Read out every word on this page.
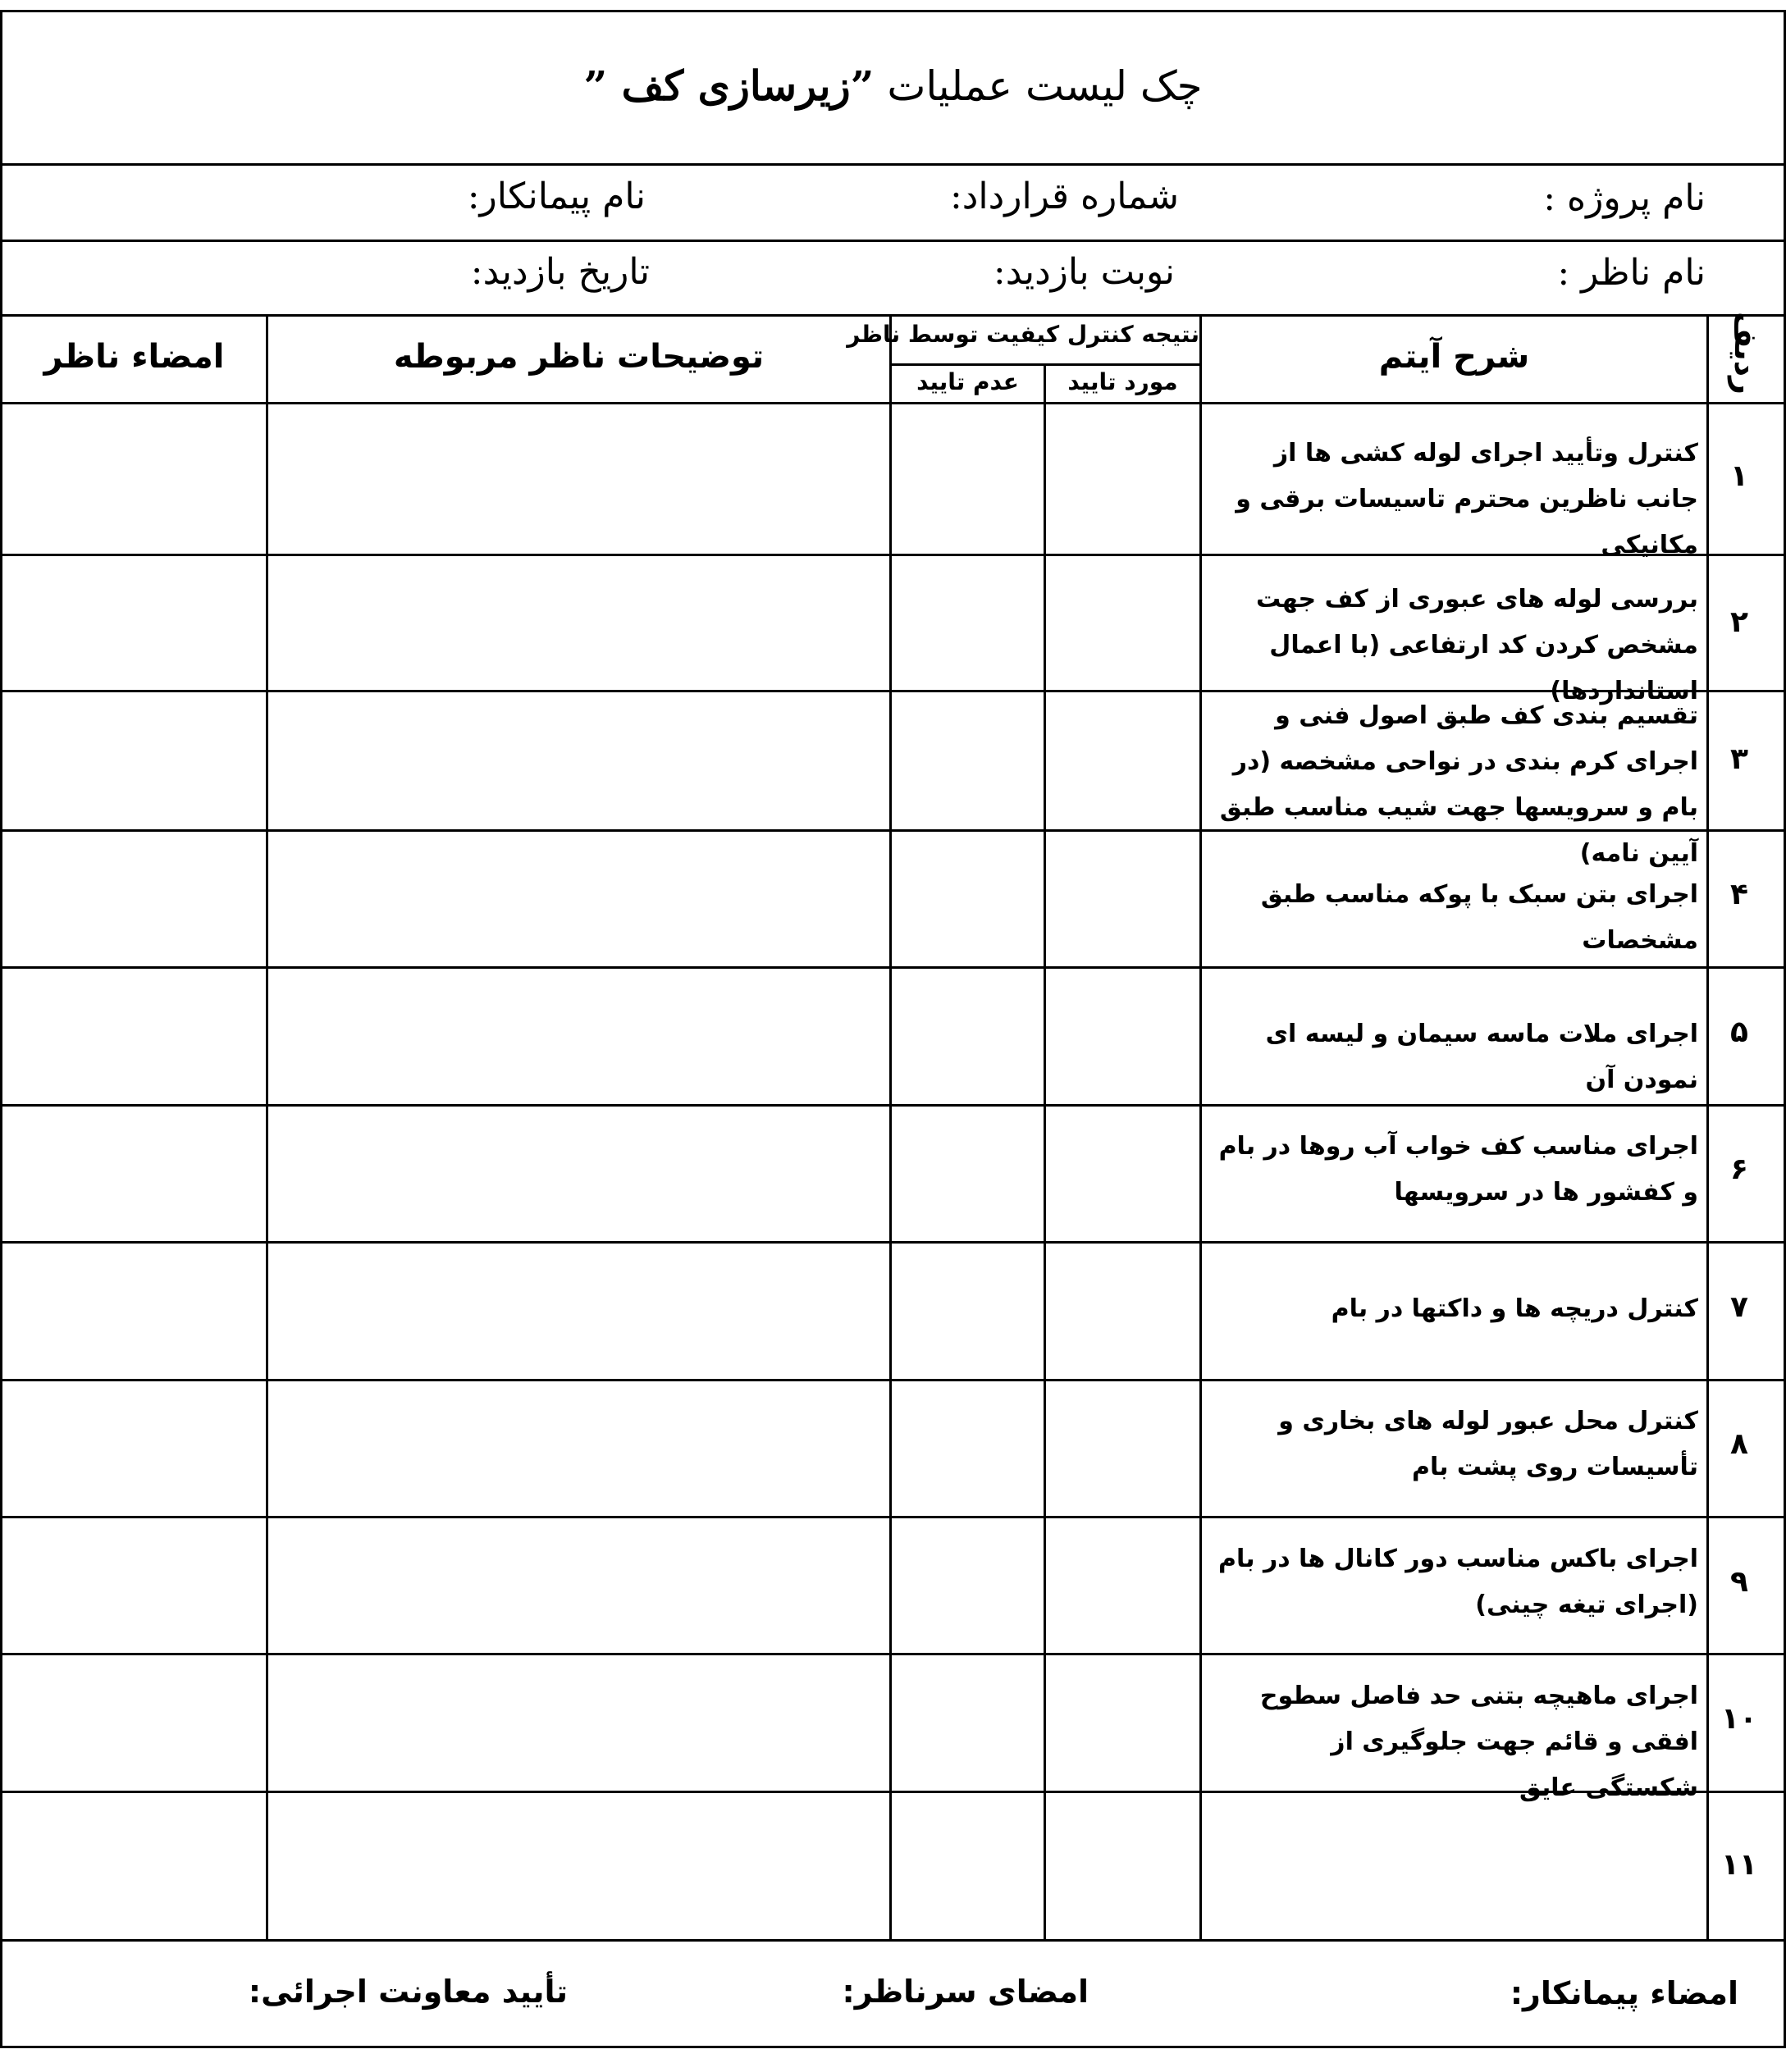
چک لیست عملیات ”زیرسازی کف ”
نام پروژه :
شماره قرارداد:
نام پیمانکار:
نام ناظر :
نوبت بازدید:
تاریخ بازدید:
ردیف
شرح آیتم
نتیجه کنترل کیفیت توسط ناظر
مورد تایید
عدم تایید
توضیحات ناظر مربوطه
امضاء ناظر
۱
کنترل وتأیید اجرای لوله کشی ها از جانب ناظرین محترم تاسیسات برقی و مکانیکی
۲
بررسی لوله های عبوری از کف جهت مشخص کردن کد ارتفاعی (با اعمال استانداردها)
۳
تقسیم بندی کف طبق اصول فنی و اجرای کرم بندی در نواحی مشخصه (در بام و سرویسها جهت شیب مناسب طبق آیین نامه)
۴
اجرای بتن سبک با پوکه مناسب طبق مشخصات
۵
اجرای ملات ماسه سیمان و لیسه ای نمودن آن
۶
اجرای مناسب کف خواب آب روها در بام و کفشور ها در سرویسها
۷
کنترل دریچه ها و داکتها در بام
۸
کنترل محل عبور لوله های بخاری و تأسیسات روی پشت بام
۹
اجرای باکس مناسب دور کانال ها در بام (اجرای تیغه چینی)
۱۰
اجرای ماهیچه بتنی حد فاصل سطوح افقی و قائم جهت جلوگیری از شکستگی عایق
۱۱
امضاء پیمانکار:
امضای سرناظر:
تأیید معاونت اجرائی:
